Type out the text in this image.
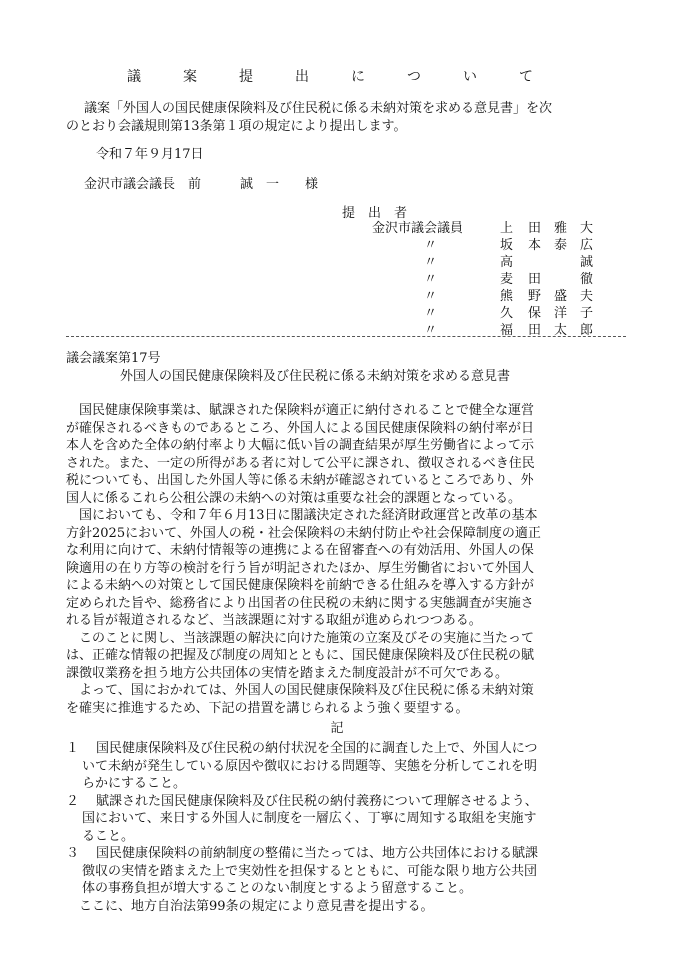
議　案　提　出　に　つ　い　て
議案「外国人の国民健康保険料及び住民税に係る未納対策を求める意見書」を次
のとおり会議規則第13条第１項の規定により提出します。
令和７年９月17日
金沢市議会議長　前　　　誠　一　　様
提　出　者
金沢市議会議員
〃
〃
〃
〃
〃
〃
上 田　雅　大
坂 本　泰　広
高 　　　　誠
麦 田　　　徹
熊 野　盛　夫
久 保　洋　子
福 田　太　郎
議会議案第17号
外国人の国民健康保険料及び住民税に係る未納対策を求める意見書
　国民健康保険事業は、賦課された保険料が適正に納付されることで健全な運営
が確保されるべきものであるところ、外国人による国民健康保険料の納付率が日
本人を含めた全体の納付率より大幅に低い旨の調査結果が厚生労働省によって示
された。また、一定の所得がある者に対して公平に課され、徴収されるべき住民
税についても、出国した外国人等に係る未納が確認されているところであり、外
国人に係るこれら公租公課の未納への対策は重要な社会的課題となっている。
　国においても、令和７年６月13日に閣議決定された経済財政運営と改革の基本
方針2025において、外国人の税・社会保険料の未納付防止や社会保障制度の適正
な利用に向けて、未納付情報等の連携による在留審査への有効活用、外国人の保
険適用の在り方等の検討を行う旨が明記されたほか、厚生労働省において外国人
による未納への対策として国民健康保険料を前納できる仕組みを導入する方針が
定められた旨や、総務省により出国者の住民税の未納に関する実態調査が実施さ
れる旨が報道されるなど、当該課題に対する取組が進められつつある。
　このことに関し、当該課題の解決に向けた施策の立案及びその実施に当たって
は、正確な情報の把握及び制度の周知とともに、国民健康保険料及び住民税の賦
課徴収業務を担う地方公共団体の実情を踏まえた制度設計が不可欠である。
　よって、国におかれては、外国人の国民健康保険料及び住民税に係る未納対策
を確実に推進するため、下記の措置を講じられるよう強く要望する。
記
１ 国民健康保険料及び住民税の納付状況を全国的に調査した上で、外国人につ
いて未納が発生している原因や徴収における問題等、実態を分析してこれを明
らかにすること。
２ 賦課された国民健康保険料及び住民税の納付義務について理解させるよう、
国において、来日する外国人に制度を一層広く、丁寧に周知する取組を実施す
ること。
３ 国民健康保険料の前納制度の整備に当たっては、地方公共団体における賦課
徴収の実情を踏まえた上で実効性を担保するとともに、可能な限り地方公共団
体の事務負担が増大することのない制度とするよう留意すること。
　ここに、地方自治法第99条の規定により意見書を提出する。
